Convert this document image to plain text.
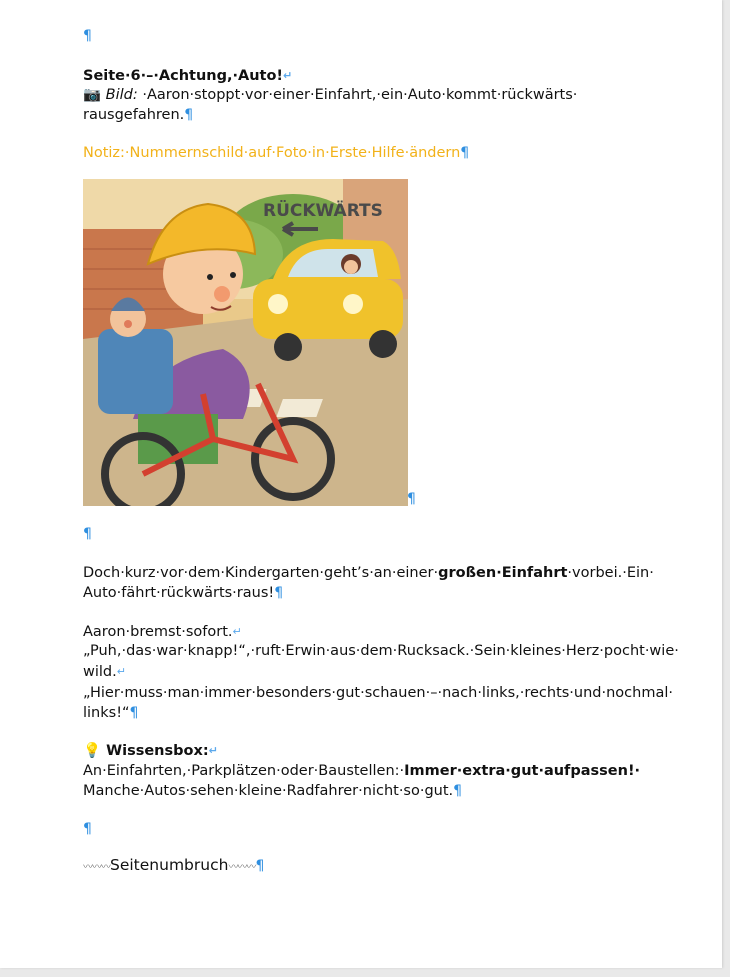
¶
Seite·6·–·Achtung,·Auto!↵
📷 Bild: ·Aaron·stoppt·vor·einer·Einfahrt,·ein·Auto·kommt·rückwärts·
rausgefahren.¶
Notiz:·Nummernschild·auf·Foto·in·Erste·Hilfe·ändern¶
RÜCKWÄRTS
¶
¶
Doch·kurz·vor·dem·Kindergarten·geht’s·an·einer·großen·Einfahrt·vorbei.·Ein·
Auto·fährt·rückwärts·raus!¶
Aaron·bremst·sofort.↵
„Puh,·das·war·knapp!“,·ruft·Erwin·aus·dem·Rucksack.·Sein·kleines·Herz·pocht·wie·
wild.↵
„Hier·muss·man·immer·besonders·gut·schauen·–·nach·links,·rechts·und·nochmal·
links!“¶
💡 Wissensbox:↵
An·Einfahrten,·Parkplätzen·oder·Baustellen:·Immer·extra·gut·aufpassen!·
Manche·Autos·sehen·kleine·Radfahrer·nicht·so·gut.¶
¶
〰〰〰Seitenumbruch〰〰〰¶
